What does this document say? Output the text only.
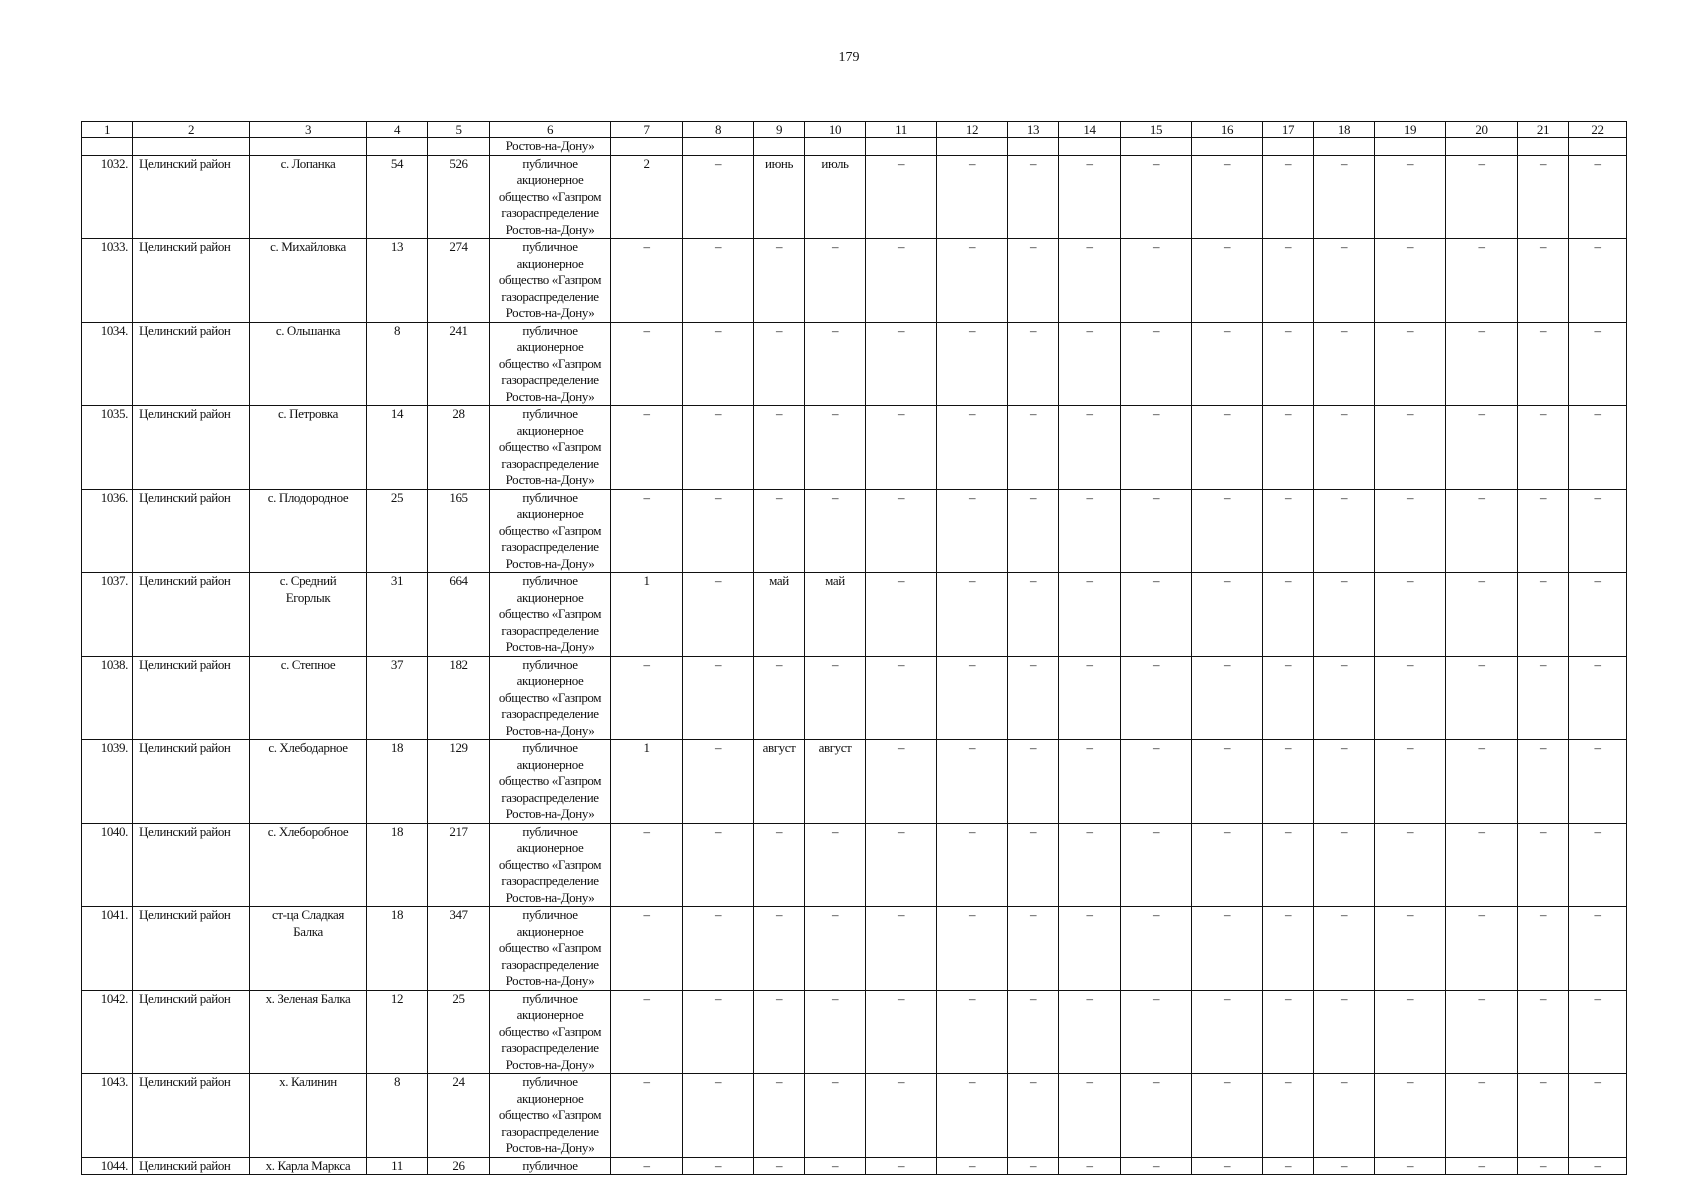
179
1	2	3	4	5	6	7	8	9	10	11	12	13	14	15	16	17	18	19	20	21	22
					Ростов-на-Дону»																
1032.	Целинский район	с. Лопанка	54	526	публичное
акционерное
общество «Газпром
газораспределение
Ростов-на-Дону»	2	–	июнь	июль	–	–	–	–	–	–	–	–	–	–	–	–
1033.	Целинский район	с. Михайловка	13	274	публичное
акционерное
общество «Газпром
газораспределение
Ростов-на-Дону»	–	–	–	–	–	–	–	–	–	–	–	–	–	–	–	–
1034.	Целинский район	с. Ольшанка	8	241	публичное
акционерное
общество «Газпром
газораспределение
Ростов-на-Дону»	–	–	–	–	–	–	–	–	–	–	–	–	–	–	–	–
1035.	Целинский район	с. Петровка	14	28	публичное
акционерное
общество «Газпром
газораспределение
Ростов-на-Дону»	–	–	–	–	–	–	–	–	–	–	–	–	–	–	–	–
1036.	Целинский район	с. Плодородное	25	165	публичное
акционерное
общество «Газпром
газораспределение
Ростов-на-Дону»	–	–	–	–	–	–	–	–	–	–	–	–	–	–	–	–
1037.	Целинский район	с. Средний
Егорлык	31	664	публичное
акционерное
общество «Газпром
газораспределение
Ростов-на-Дону»	1	–	май	май	–	–	–	–	–	–	–	–	–	–	–	–
1038.	Целинский район	с. Степное	37	182	публичное
акционерное
общество «Газпром
газораспределение
Ростов-на-Дону»	–	–	–	–	–	–	–	–	–	–	–	–	–	–	–	–
1039.	Целинский район	с. Хлебодарное	18	129	публичное
акционерное
общество «Газпром
газораспределение
Ростов-на-Дону»	1	–	август	август	–	–	–	–	–	–	–	–	–	–	–	–
1040.	Целинский район	с. Хлеборобное	18	217	публичное
акционерное
общество «Газпром
газораспределение
Ростов-на-Дону»	–	–	–	–	–	–	–	–	–	–	–	–	–	–	–	–
1041.	Целинский район	ст-ца Сладкая
Балка	18	347	публичное
акционерное
общество «Газпром
газораспределение
Ростов-на-Дону»	–	–	–	–	–	–	–	–	–	–	–	–	–	–	–	–
1042.	Целинский район	х. Зеленая Балка	12	25	публичное
акционерное
общество «Газпром
газораспределение
Ростов-на-Дону»	–	–	–	–	–	–	–	–	–	–	–	–	–	–	–	–
1043.	Целинский район	х. Калинин	8	24	публичное
акционерное
общество «Газпром
газораспределение
Ростов-на-Дону»	–	–	–	–	–	–	–	–	–	–	–	–	–	–	–	–
1044.	Целинский район	х. Карла Маркса	11	26	публичное	–	–	–	–	–	–	–	–	–	–	–	–	–	–	–	–
